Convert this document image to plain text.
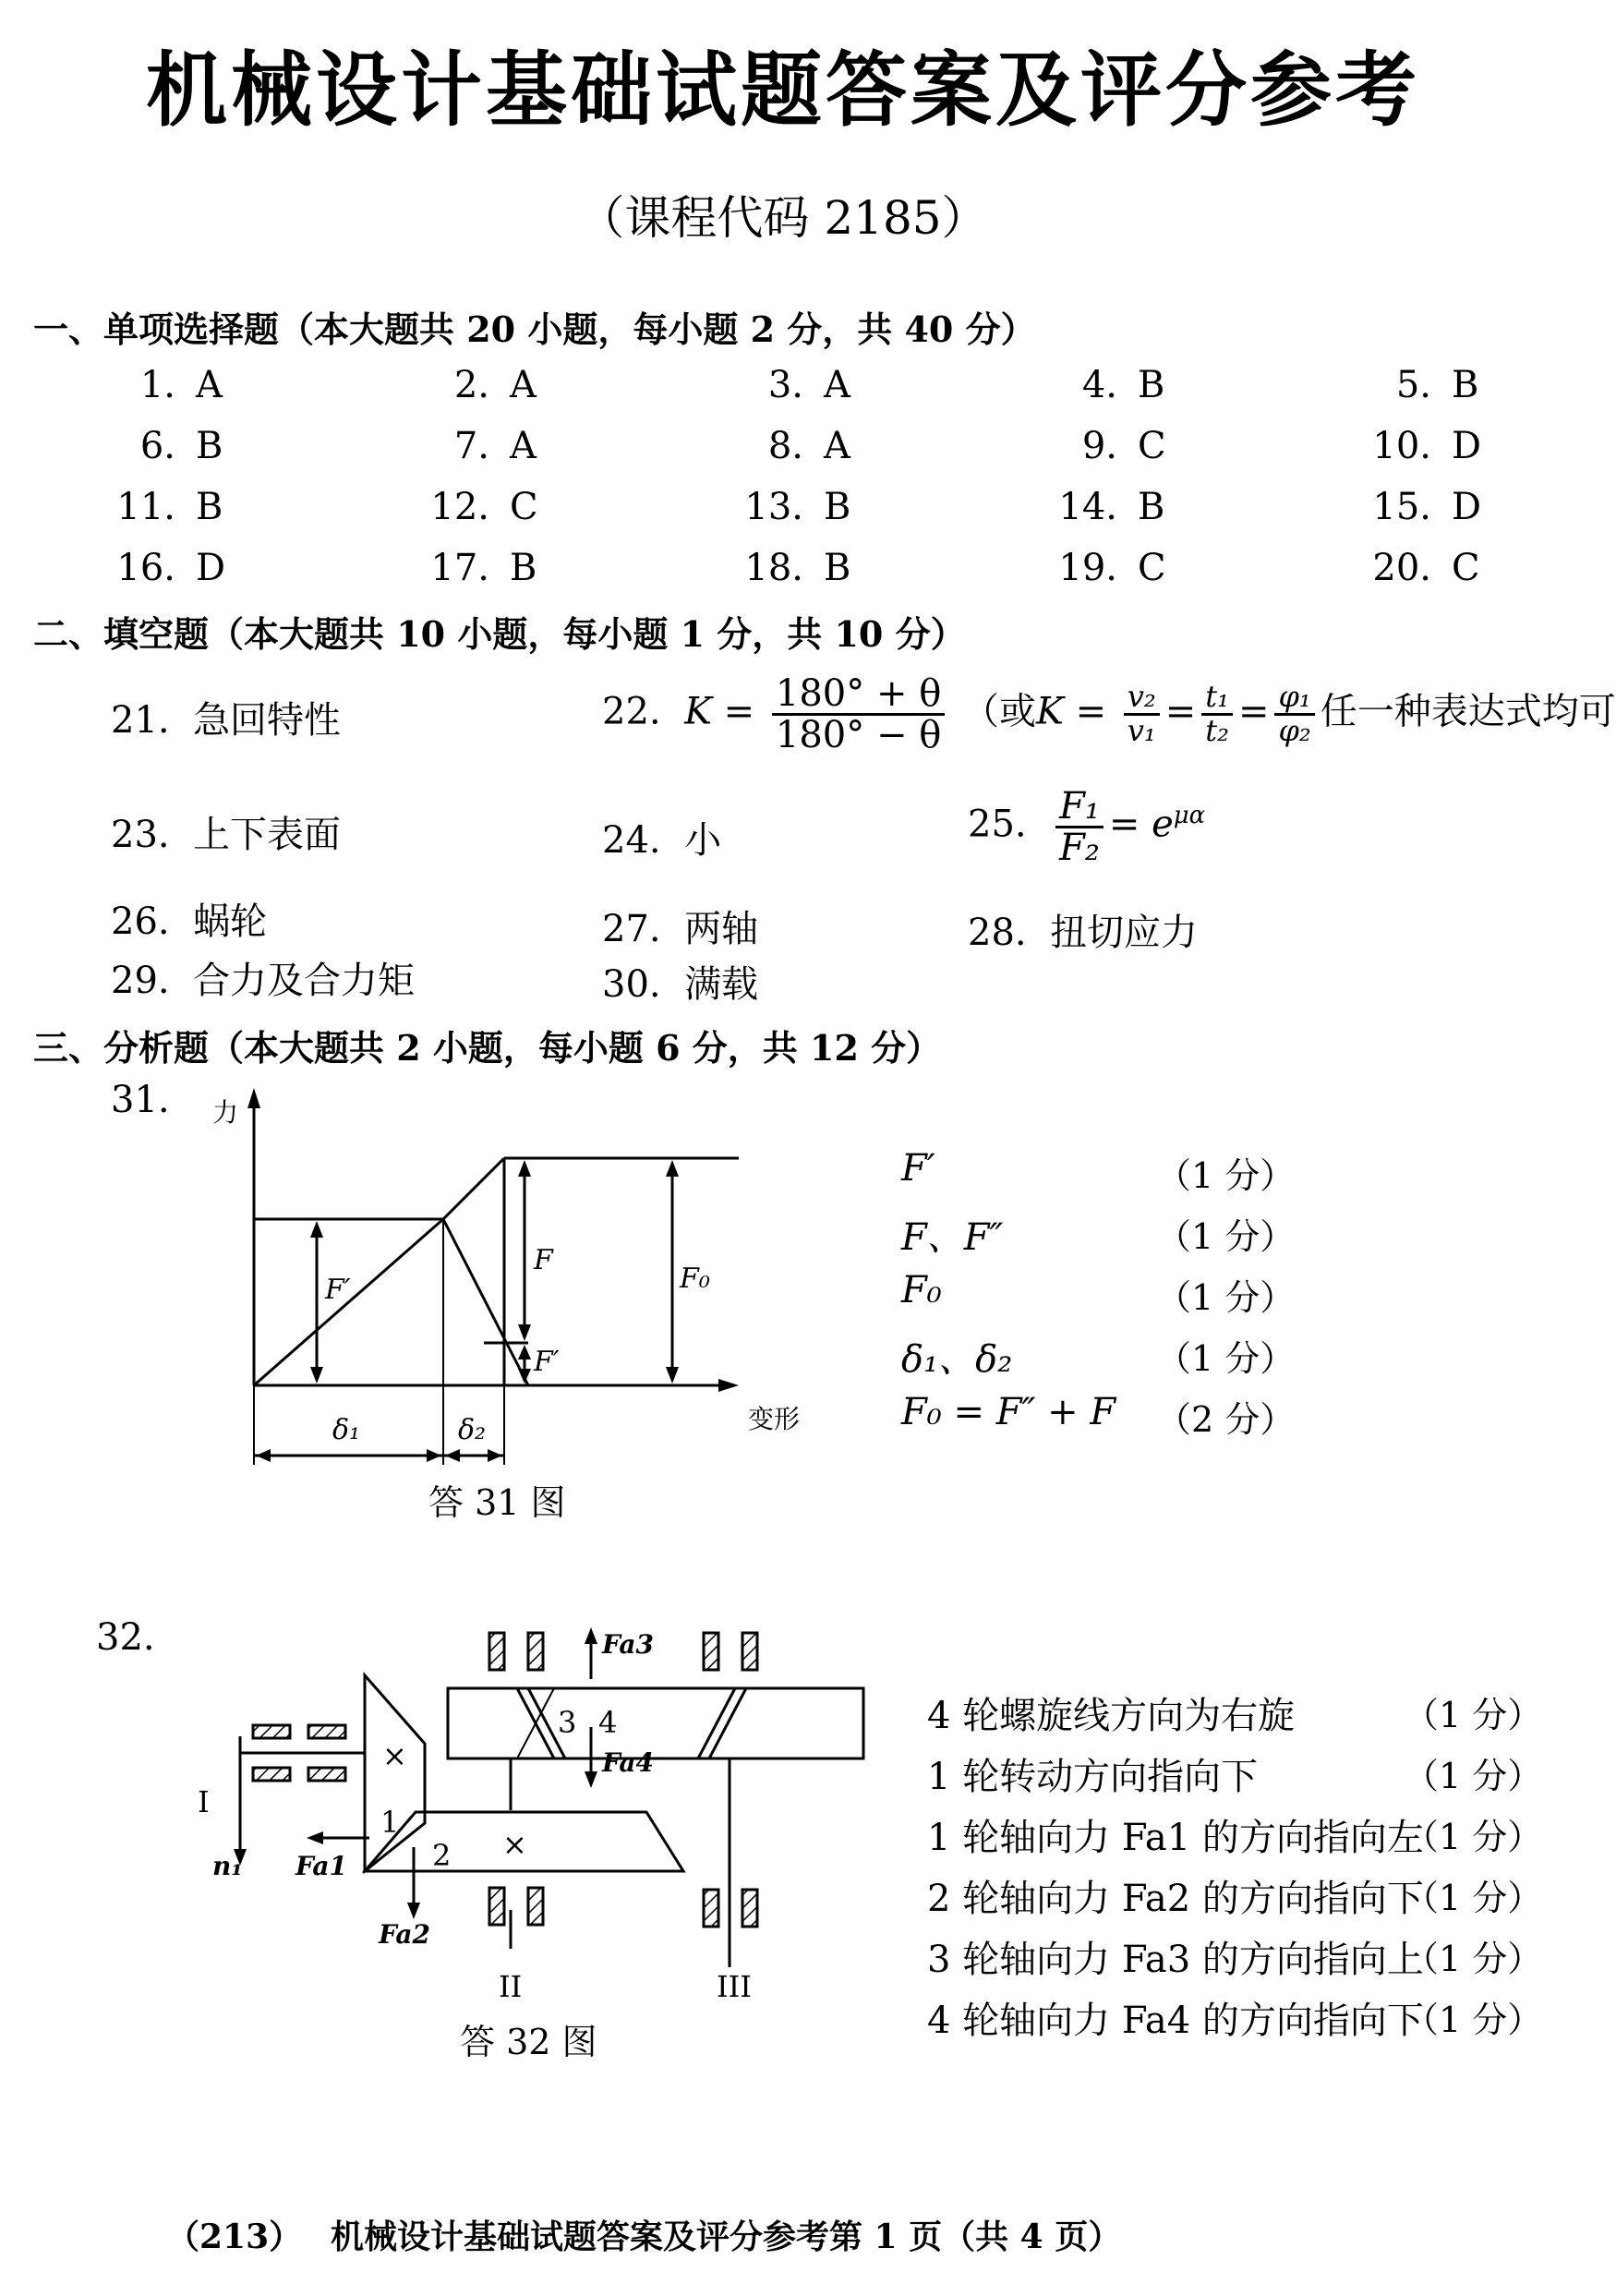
机械设计基础试题答案及评分参考
（课程代码 2185）
一、单项选择题（本大题共 20 小题，每小题 2 分，共 40 分）
1. A	2. A	3. A	4. B	5. B
6. B	7. A	8. A	9. C	10. D
11. B	12. C	13. B	14. B	15. D
16. D	17. B	18. B	19. C	20. C
二、填空题（本大题共 10 小题，每小题 1 分，共 10 分）
21. 急回特性	22. $K = \frac{180^\circ + \theta}{180^\circ - \theta}$ （或$K = \frac{\text{v₂}}{\text{v₁}} = \frac{\text{t₁}}{\text{t₂}} = \frac{\text{φ₁}}{\text{φ₂}}$ 任一种表达式均可
23. 上下表面	24. 小	25. $\frac{\text{F₁}}{\text{F₂}} = e^{\mu\alpha}$
26. 蜗轮	27. 两轴	28. 扭切应力
29. 合力及合力矩	30. 满载
三、分析题（本大题共 2 小题，每小题 6 分，共 12 分）
31. 力
变形
F′
F
F′
F₀
δ₁	δ₂
答 31 图
F′	（1 分）
F、F″	（1 分）
F₀	（1 分）
δ₁、δ₂	（1 分）
F₀ = F″ + F （2 分）
32.	Fa3
Fa4
Fa1
Fa2
n₁
I
II	III
1
2
3 4
×
×
答 32 图
4 轮螺旋线方向为右旋	（1 分）
1 轮转动方向指向下	（1 分）
1 轮轴向力 Fa1 的方向指向左
（1 分）
2 轮轴向力 Fa2 的方向指向下
（1 分）
3 轮轴向力 Fa3 的方向指向上
（1 分）
4 轮轴向力 Fa4 的方向指向下
（1 分）
（213） 机械设计基础试题答案及评分参考第 1 页（共 4 页）
